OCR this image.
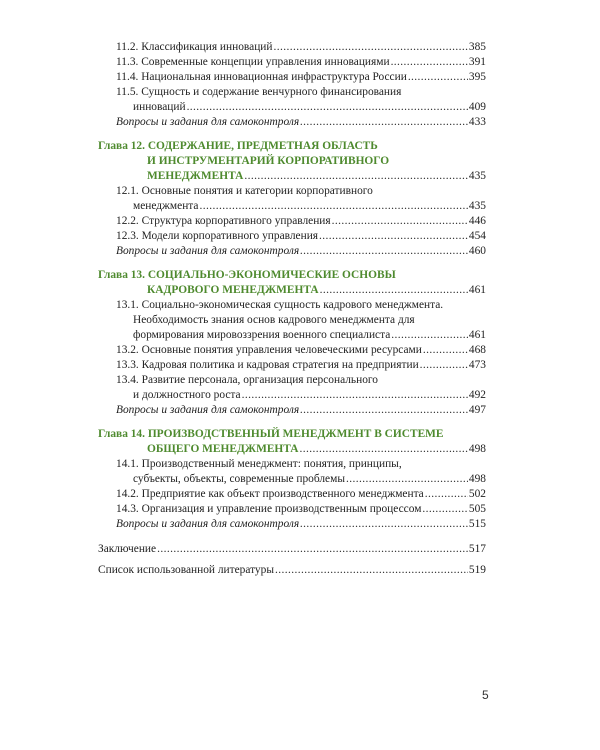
11.2. Классификация инноваций .....	385
11.3. Современные концепции управления инновациями .....	391
11.4. Национальная инновационная инфраструктура России .....	395
11.5. Сущность и содержание венчурного финансирования
инноваций .....	409
Вопросы и задания для самоконтроля .....	433
Глава 12. СОДЕРЖАНИЕ, ПРЕДМЕТНАЯ ОБЛАСТЬ
И ИНСТРУМЕНТАРИЙ КОРПОРАТИВНОГО
МЕНЕДЖМЕНТА .....	435
12.1. Основные понятия и категории корпоративного
менеджмента .....	435
12.2. Структура корпоративного управления .....	446
12.3. Модели корпоративного управления .....	454
Вопросы и задания для самоконтроля .....	460
Глава 13. СОЦИАЛЬНО-ЭКОНОМИЧЕСКИЕ ОСНОВЫ
КАДРОВОГО МЕНЕДЖМЕНТА .....	461
13.1. Социально-экономическая сущность кадрового менеджмента.
Необходимость знания основ кадрового менеджмента для
формирования мировоззрения военного специалиста .....	461
13.2. Основные понятия управления человеческими ресурсами .....	468
13.3. Кадровая политика и кадровая стратегия на предприятии .....	473
13.4. Развитие персонала, организация персонального
и должностного роста .....	492
Вопросы и задания для самоконтроля .....	497
Глава 14. ПРОИЗВОДСТВЕННЫЙ МЕНЕДЖМЕНТ В СИСТЕМЕ
ОБЩЕГО МЕНЕДЖМЕНТА .....	498
14.1. Производственный менеджмент: понятия, принципы,
субъекты, объекты, современные проблемы .....	498
14.2. Предприятие как объект производственного менеджмента .....	502
14.3. Организация и управление производственным процессом .....	505
Вопросы и задания для самоконтроля .....	515
Заключение .....	517
Список использованной литературы .....	519
5
